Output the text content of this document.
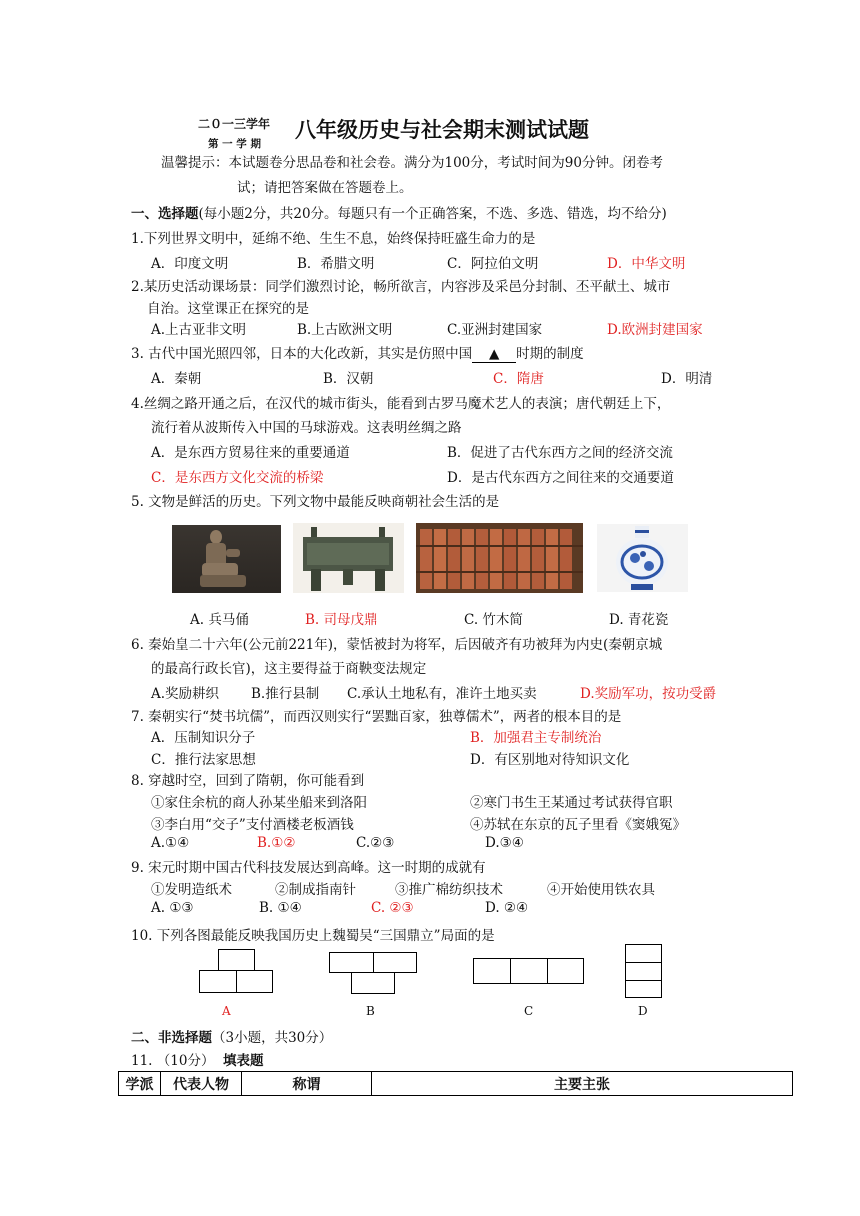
二０一三学年
第 一 学 期
八年级历史与社会期末测试试题
温馨提示：本试题卷分思品卷和社会卷。满分为100分，考试时间为90分钟。闭卷考
试；请把答案做在答题卷上。
一、选择题(每小题2分，共20分。每题只有一个正确答案，不选、多选、错选，均不给分)
1.下列世界文明中，延绵不绝、生生不息，始终保持旺盛生命力的是
A．印度文明	B．希腊文明	C．阿拉伯文明	D．中华文明
2.某历史活动课场景：同学们激烈讨论，畅所欲言，内容涉及采邑分封制、丕平献土、城市
自治。这堂课正在探究的是
A.上古亚非文明	B.上古欧洲文明	C.亚洲封建国家	D.欧洲封建国家
3. 古代中国光照四邻，日本的大化改新，其实是仿照中国 ▲ 时期的制度
A．秦朝	B．汉朝	C．隋唐	D．明清
4.丝绸之路开通之后，在汉代的城市街头，能看到古罗马魔术艺人的表演；唐代朝廷上下，
流行着从波斯传入中国的马球游戏。这表明丝绸之路
A．是东西方贸易往来的重要通道	B．促进了古代东西方之间的经济交流
C．是东西方文化交流的桥梁	D．是古代东西方之间往来的交通要道
5. 文物是鲜活的历史。下列文物中最能反映商朝社会生活的是
A. 兵马俑	B. 司母戊鼎	C. 竹木简	D. 青花瓷
6. 秦始皇二十六年(公元前221年)，蒙恬被封为将军，后因破齐有功被拜为内史(秦朝京城
的最高行政长官)，这主要得益于商鞅变法规定
A.奖励耕织 B.推行县制 C.承认土地私有，准许土地买卖	D.奖励军功，按功受爵
7. 秦朝实行“焚书坑儒”，而西汉则实行“罢黜百家，独尊儒术”，两者的根本目的是
A．压制知识分子	B．加强君主专制统治
C．推行法家思想	D．有区别地对待知识文化
8. 穿越时空，回到了隋朝，你可能看到
①家住余杭的商人孙某坐船来到洛阳	②寒门书生王某通过考试获得官职
③李白用“交子”支付酒楼老板酒钱	④苏轼在东京的瓦子里看《窦娥冤》
A.①④	B.①②	C.②③	D.③④
9. 宋元时期中国古代科技发展达到高峰。这一时期的成就有
①发明造纸术	②制成指南针	③推广棉纺织技术	④开始使用铁农具
A. ①③	B. ①④	C. ②③	D. ②④
10. 下列各图最能反映我国历史上魏蜀吴“三国鼎立”局面的是
A	B	C	D
二、非选择题（3小题，共30分）
11. （10分） 填表题
学派	代表人物	称谓	主要主张
